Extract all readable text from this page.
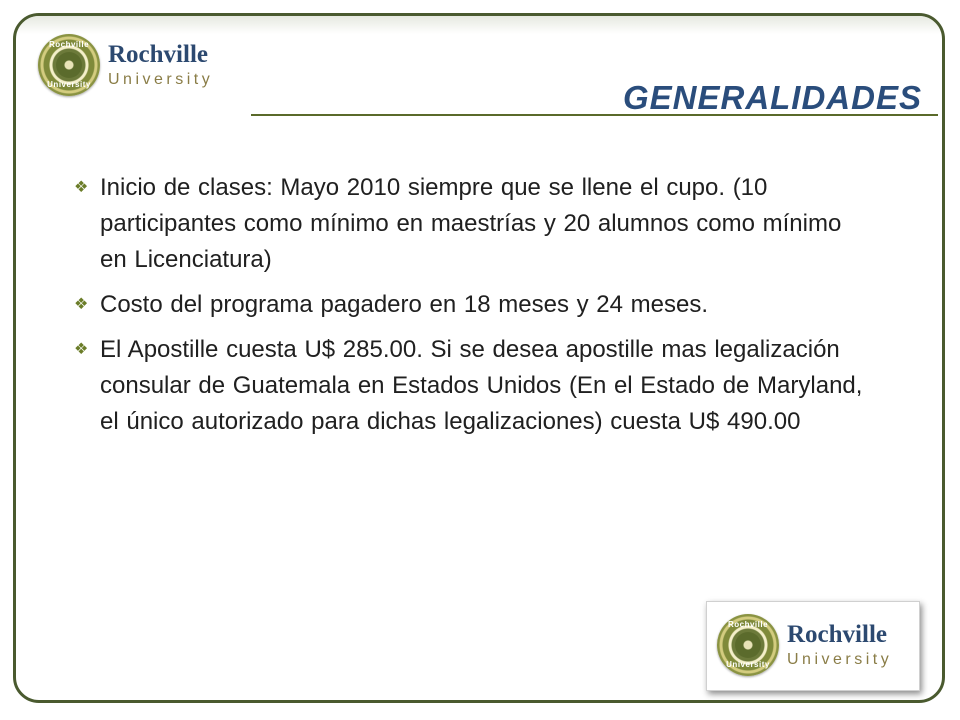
Rochville
University
Rochville
University	GENERALIDADES
❖ Inicio de clases: Mayo 2010 siempre que se llene el cupo. (10 participantes como mínimo en maestrías y 20 alumnos como mínimo en Licenciatura)
❖ Costo del programa pagadero en 18 meses y 24 meses.
❖ El Apostille cuesta U$ 285.00. Si se desea apostille mas legalización consular de Guatemala en Estados Unidos (En el Estado de Maryland, el único autorizado para dichas legalizaciones) cuesta U$ 490.00
Rochville
University
Rochville
University
